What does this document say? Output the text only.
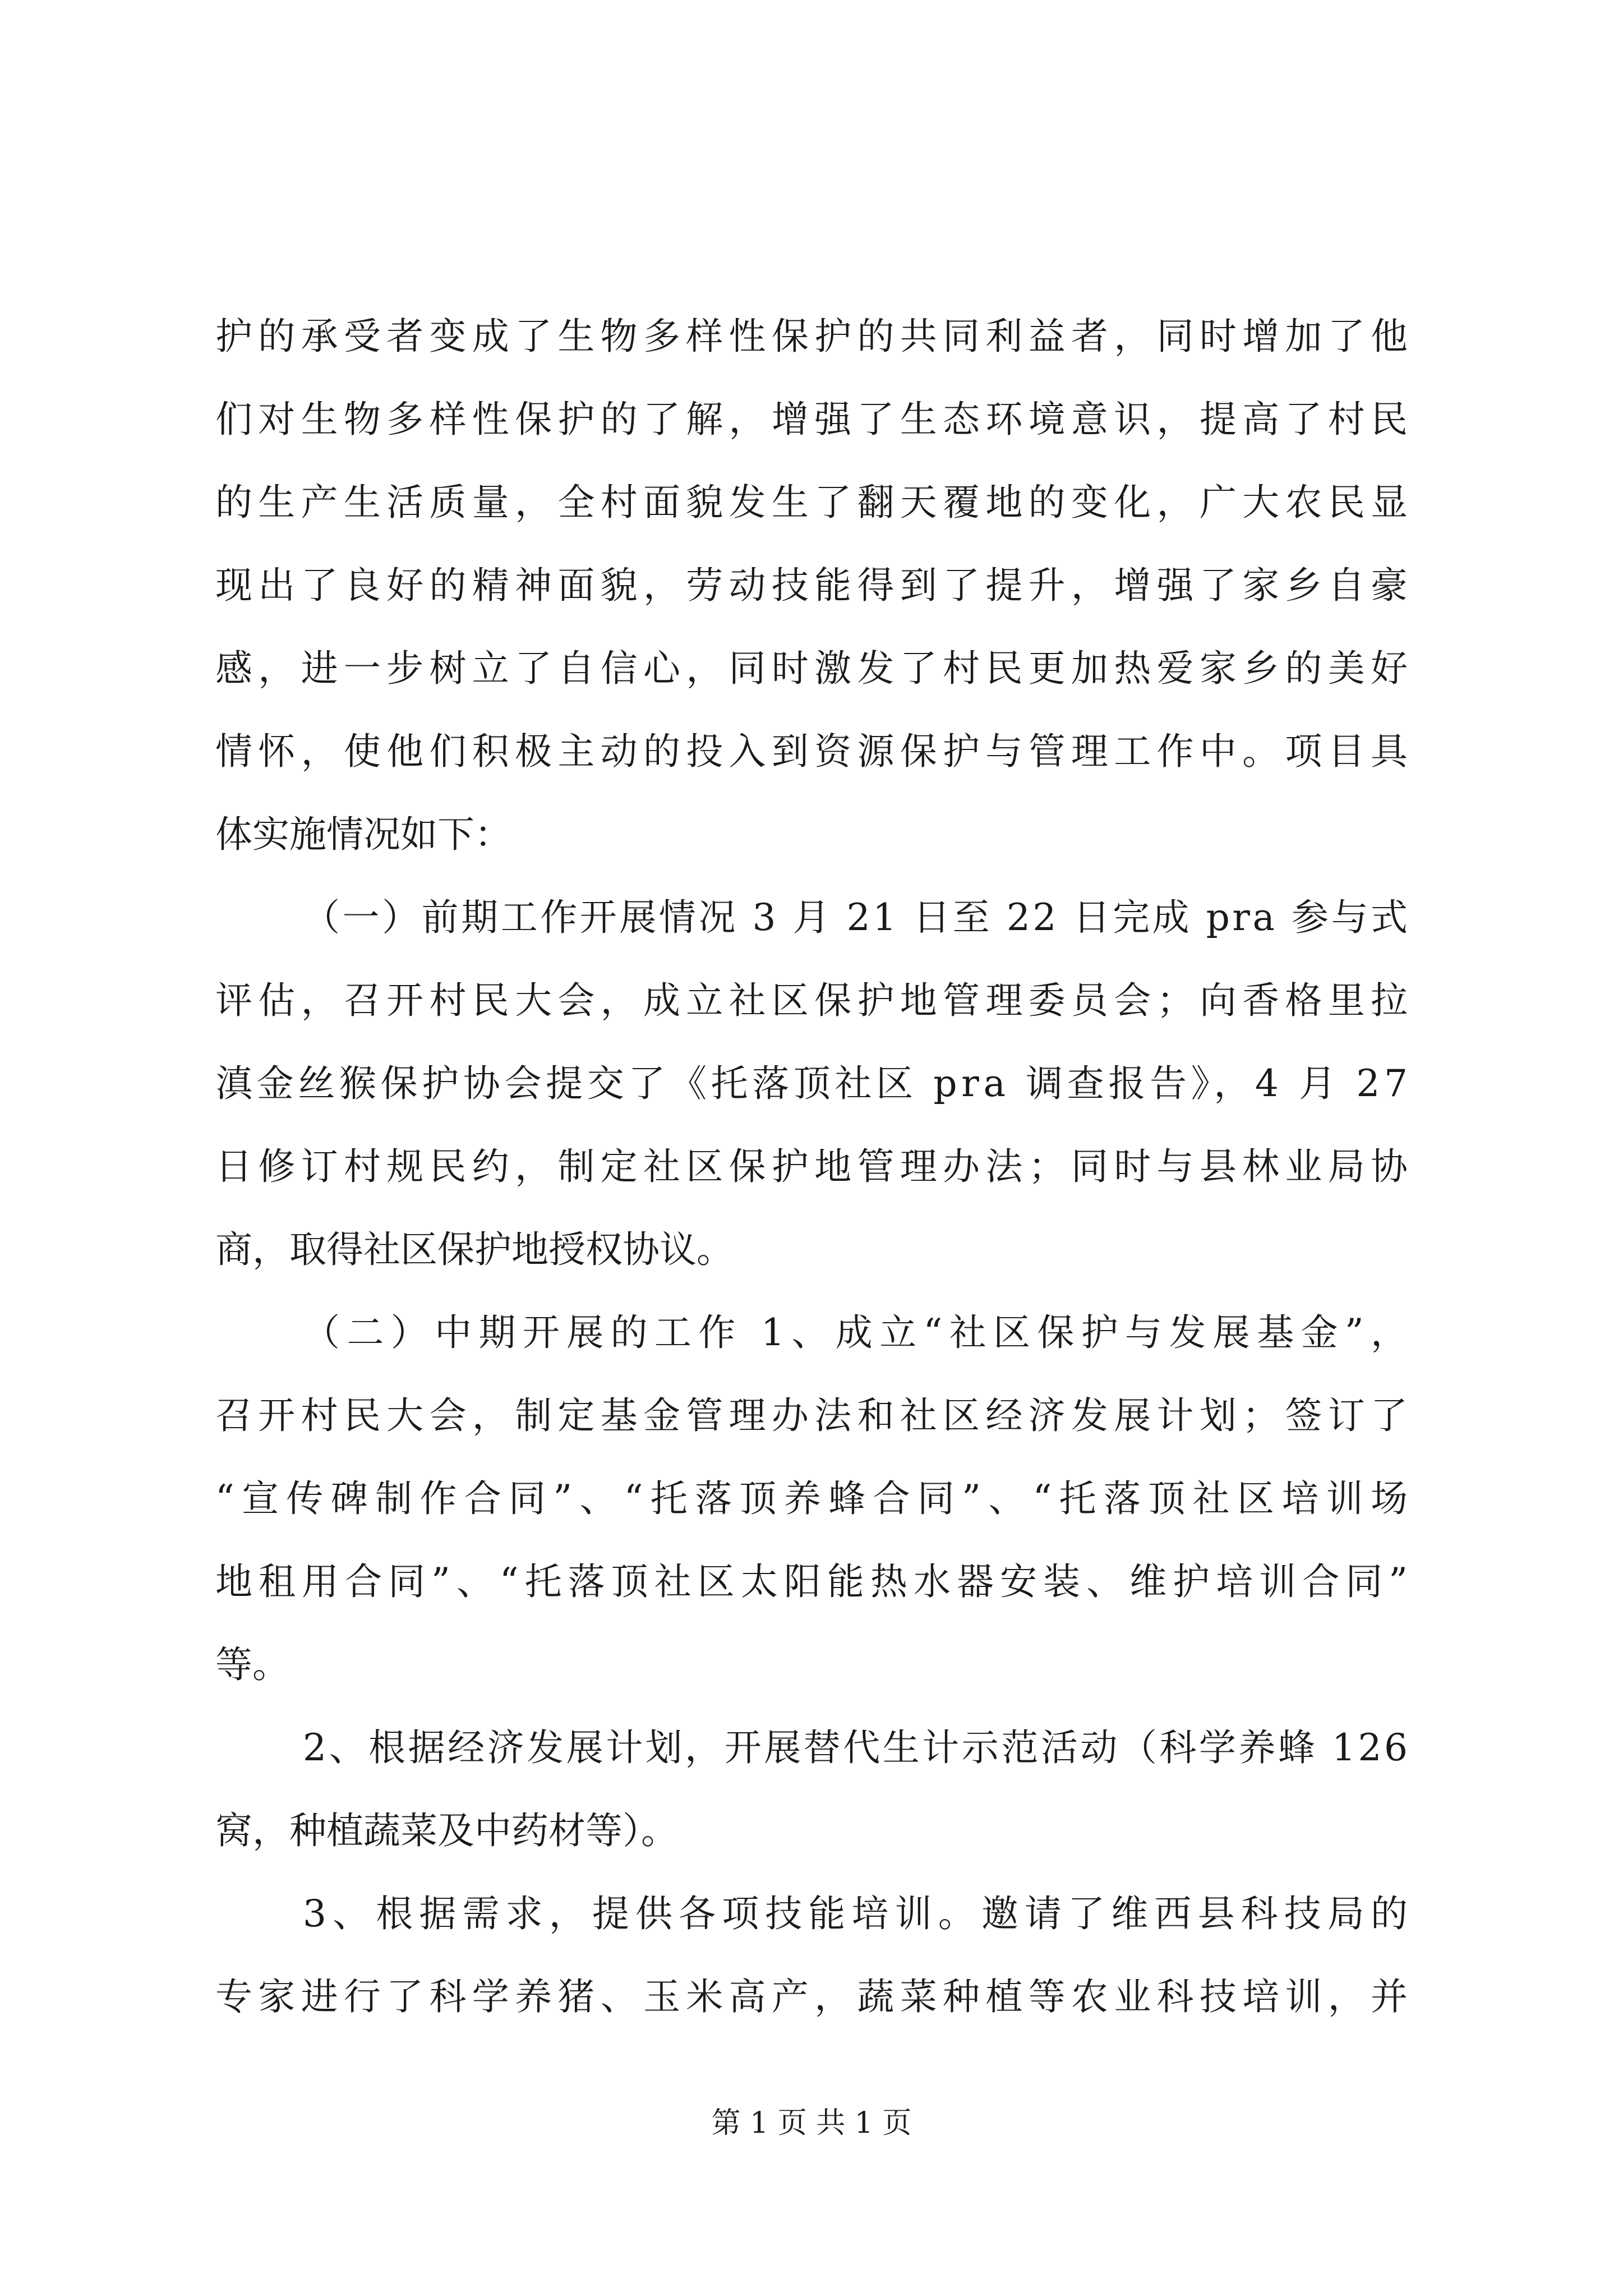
护的承受者变成了生物多样性保护的共同利益者，同时增加了他

们对生物多样性保护的了解，增强了生态环境意识，提高了村民

的生产生活质量，全村面貌发生了翻天覆地的变化，广大农民显

现出了良好的精神面貌，劳动技能得到了提升，增强了家乡自豪

感，进一步树立了自信心，同时激发了村民更加热爱家乡的美好

情怀，使他们积极主动的投入到资源保护与管理工作中。项目具

体实施情况如下：

（一）前期工作开展情况 3 月 21 日至 22 日完成 pra 参与式

评估，召开村民大会，成立社区保护地管理委员会；向香格里拉

滇金丝猴保护协会提交了《托落顶社区 pra 调查报告》，4 月 27

日修订村规民约，制定社区保护地管理办法；同时与县林业局协

商，取得社区保护地授权协议。

（二）中期开展的工作 1、成立“社区保护与发展基金”，

召开村民大会，制定基金管理办法和社区经济发展计划；签订了

“宣传碑制作合同”、“托落顶养蜂合同”、“托落顶社区培训场

地租用合同”、“托落顶社区太阳能热水器安装、维护培训合同”

等。

2、根据经济发展计划，开展替代生计示范活动（科学养蜂 126

窝，种植蔬菜及中药材等）。

3、根据需求，提供各项技能培训。邀请了维西县科技局的

专家进行了科学养猪、玉米高产，蔬菜种植等农业科技培训，并

第 1 页 共 1 页
